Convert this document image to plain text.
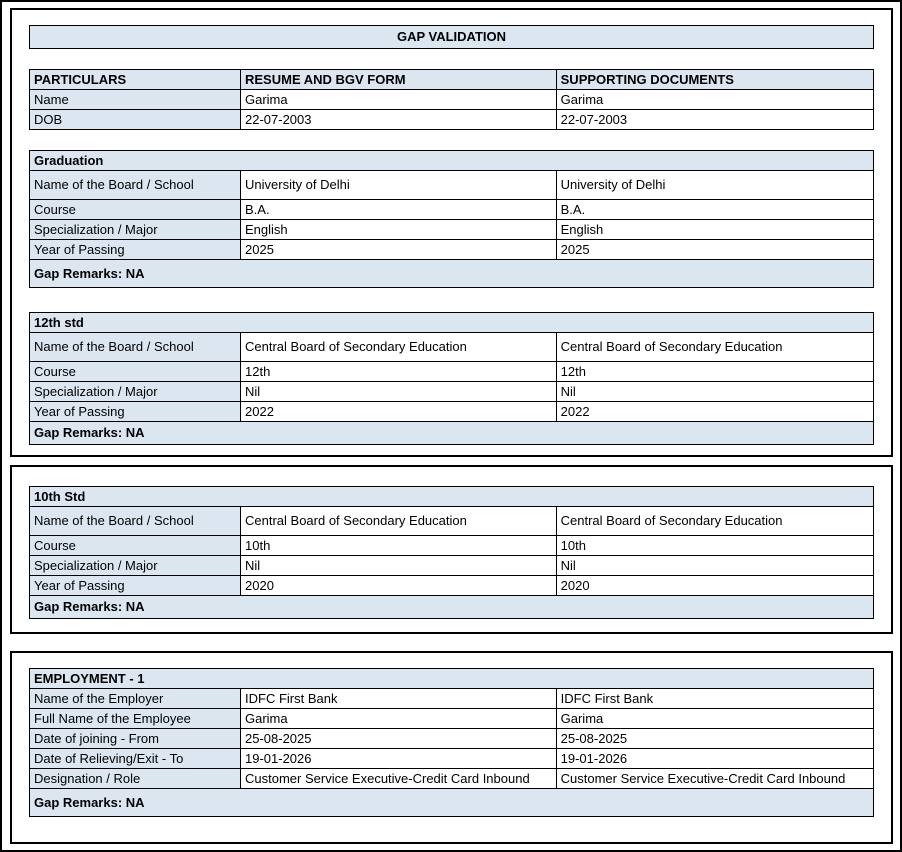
GAP VALIDATION
PARTICULARS	RESUME AND BGV FORM	SUPPORTING DOCUMENTS
Name	Garima	Garima
DOB	22-07-2003	22-07-2003
Graduation		
Name of the Board / School	University of Delhi	University of Delhi
Course	B.A.	B.A.
Specialization / Major	English	English
Year of Passing	2025	2025
Gap Remarks: NA		
12th std		
Name of the Board / School	Central Board of Secondary Education	Central Board of Secondary Education
Course	12th	12th
Specialization / Major	Nil	Nil
Year of Passing	2022	2022
Gap Remarks: NA		
10th Std		
Name of the Board / School	Central Board of Secondary Education	Central Board of Secondary Education
Course	10th	10th
Specialization / Major	Nil	Nil
Year of Passing	2020	2020
Gap Remarks: NA		
EMPLOYMENT - 1		
Name of the Employer	IDFC First Bank	IDFC First Bank
Full Name of the Employee	Garima	Garima
Date of joining - From	25-08-2025	25-08-2025
Date of Relieving/Exit - To	19-01-2026	19-01-2026
Designation / Role	Customer Service Executive-Credit Card Inbound	Customer Service Executive-Credit Card Inbound
Gap Remarks: NA		
